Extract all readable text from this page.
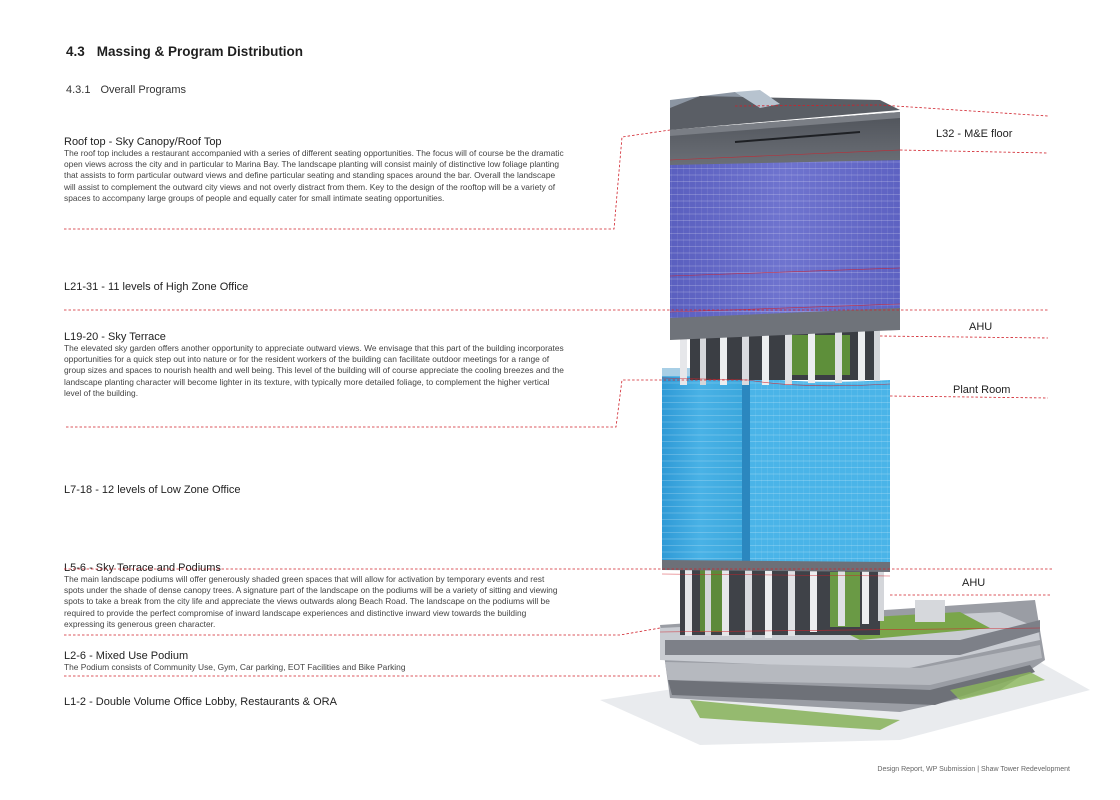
4.3 Massing & Program Distribution
4.3.1 Overall Programs
Roof top - Sky Canopy/Roof Top
The roof top includes a restaurant accompanied with a series of different seating opportunities. The focus will of course be the dramatic open views across the city and in particular to Marina Bay. The landscape planting will consist mainly of distinctive low foliage planting that assists to form particular outward views and define particular seating and standing spaces around the bar. Overall the landscape will assist to complement the outward city views and not overly distract from them. Key to the design of the rooftop will be a variety of spaces to accompany large groups of people and equally cater for small intimate seating opportunities.
L21-31 - 11 levels of High Zone Office
L19-20 - Sky Terrace
The elevated sky garden offers another opportunity to appreciate outward views. We envisage that this part of the building incorporates opportunities for a quick step out into nature or for the resident workers of the building can facilitate outdoor meetings for a range of group sizes and spaces to nourish health and well being. This level of the building will of course appreciate the cooling breezes and the landscape planting character will become lighter in its texture, with typically more detailed foliage, to complement the higher vertical level of the building.
L7-18 - 12 levels of Low Zone Office
L5-6 - Sky Terrace and Podiums
The main landscape podiums will offer generously shaded green spaces that will allow for activation by temporary events and rest spots under the shade of dense canopy trees. A signature part of the landscape on the podiums will be a variety of sitting and viewing spots to take a break from the city life and appreciate the views outwards along Beach Road. The landscape on the podiums will be required to provide the perfect compromise of inward landscape experiences and distinctive inward view towards the building expressing its generous green character.
L2-6 - Mixed Use Podium
The Podium consists of Community Use, Gym, Car parking, EOT Facilities and Bike Parking
L1-2 - Double Volume Office Lobby, Restaurants & ORA
L32 - M&E floor
AHU
Plant Room
AHU
Design Report, WP Submission | Shaw Tower Redevelopment
